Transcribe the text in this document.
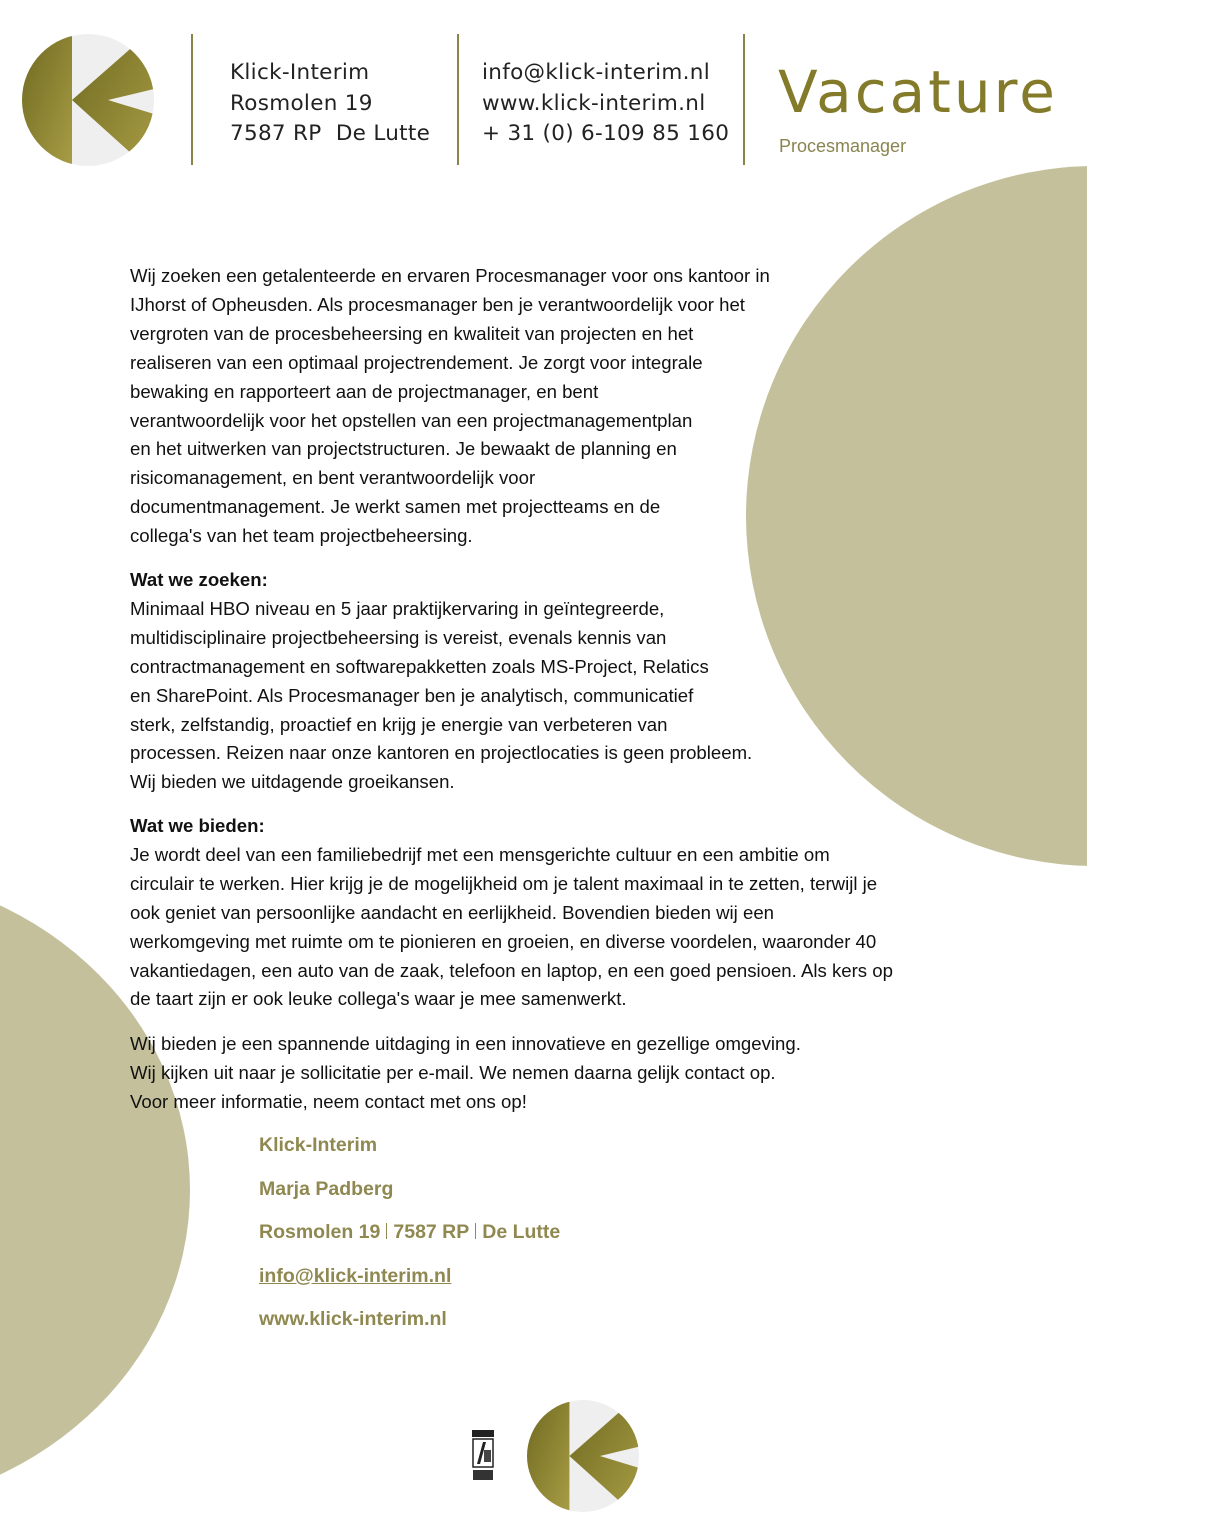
Klick-Interim
Rosmolen 19
7587 RP  De Lutte
info@klick-interim.nl
www.klick-interim.nl
+ 31 (0) 6-109 85 160
Vacature
Procesmanager
Wij zoeken een getalenteerde en ervaren Procesmanager voor ons kantoor in
IJhorst of Opheusden. Als procesmanager ben je verantwoordelijk voor het
vergroten van de procesbeheersing en kwaliteit van projecten en het
realiseren van een optimaal projectrendement. Je zorgt voor integrale
bewaking en rapporteert aan de projectmanager, en bent
verantwoordelijk voor het opstellen van een projectmanagementplan
en het uitwerken van projectstructuren. Je bewaakt de planning en
risicomanagement, en bent verantwoordelijk voor
documentmanagement. Je werkt samen met projectteams en de
collega's van het team projectbeheersing.
Wat we zoeken:
Minimaal HBO niveau en 5 jaar praktijkervaring in geïntegreerde,
multidisciplinaire projectbeheersing is vereist, evenals kennis van
contractmanagement en softwarepakketten zoals MS-Project, Relatics
en SharePoint. Als Procesmanager ben je analytisch, communicatief
sterk, zelfstandig, proactief en krijg je energie van verbeteren van
processen. Reizen naar onze kantoren en projectlocaties is geen probleem.
Wij bieden we uitdagende groeikansen.
Wat we bieden:
Je wordt deel van een familiebedrijf met een mensgerichte cultuur en een ambitie om
circulair te werken. Hier krijg je de mogelijkheid om je talent maximaal in te zetten, terwijl je
ook geniet van persoonlijke aandacht en eerlijkheid. Bovendien bieden wij een
werkomgeving met ruimte om te pionieren en groeien, en diverse voordelen, waaronder 40
vakantiedagen, een auto van de zaak, telefoon en laptop, en een goed pensioen. Als kers op
de taart zijn er ook leuke collega's waar je mee samenwerkt.
Wij bieden je een spannende uitdaging in een innovatieve en gezellige omgeving.
Wij kijken uit naar je sollicitatie per e-mail. We nemen daarna gelijk contact op.
Voor meer informatie, neem contact met ons op!
Klick-Interim
Marja Padberg
Rosmolen 19 7587 RP De Lutte
info@klick-interim.nl
www.klick-interim.nl
